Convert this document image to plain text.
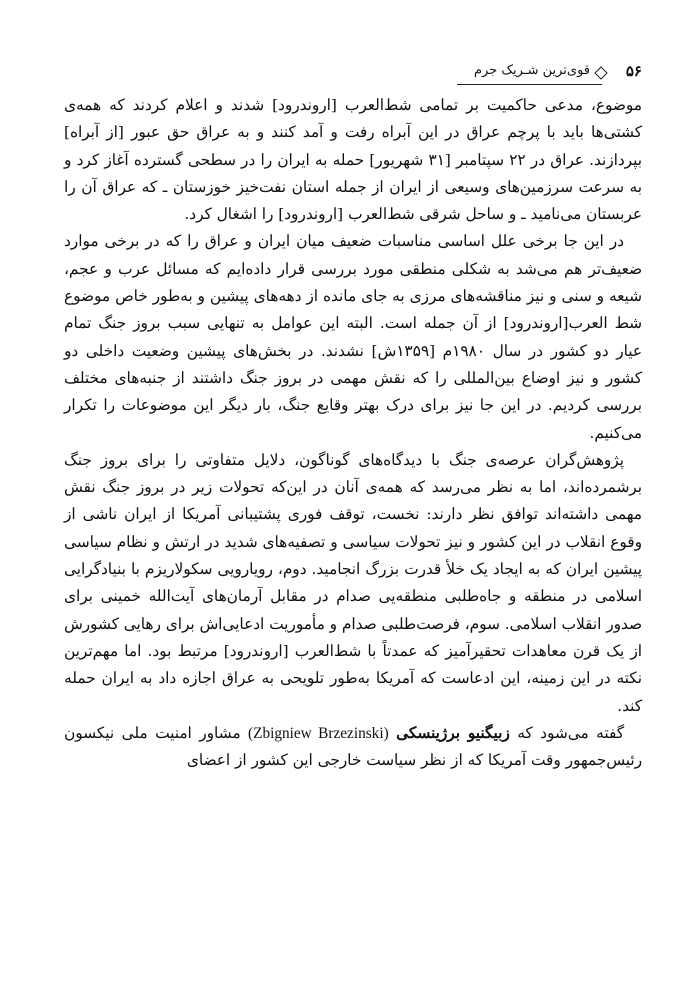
۵۶
قوی‌ترین شـریک جرم

موضوع، مدعی حاکمیت بر تمامی شط‌العرب [اروندرود] شدند و اعلام کردند که همه‌ی کشتی‌ها باید با پرچم عراق در این آبراه رفت و آمد کنند و به عراق حق عبور [از آبراه] بپردازند. عراق در ۲۲ سپتامبر [۳۱ شهریور] حمله به ایران را در سطحی گسترده آغاز کرد و به سرعت سرزمین‌های وسیعی از ایران از جمله استان نفت‌خیز خوزستان ـ که عراق آن را عربستان می‌نامید ـ و ساحل شرقی شط‌العرب [اروندرود] را اشغال کرد.

در این جا برخی علل اساسی مناسبات ضعیف میان ایران و عراق را که در برخی موارد ضعیف‌تر هم می‌شد به شکلی منطقی مورد بررسی قرار داده‌ایم که مسائل عرب و عجم، شیعه و سنی و نیز مناقشه‌های مرزی به جای مانده از دهه‌های پیشین و به‌طور خاص موضوع شط العرب[اروندرود] از آن جمله است. البته این عوامل به تنهایی سبب بروز جنگ تمام عیار دو کشور در سال ۱۹۸۰م [۱۳۵۹ش] نشدند. در بخش‌های پیشین وضعیت داخلی دو کشور و نیز اوضاع بین‌المللی را که نقش مهمی در بروز جنگ داشتند از جنبه‌های مختلف بررسی کردیم. در این جا نیز برای درک بهتر وقایع جنگ، بار دیگر این موضوعات را تکرار می‌کنیم.

پژوهش‌گران عرصه‌ی جنگ با دیدگاه‌های گوناگون، دلایل متفاوتی را برای بروز جنگ برشمرده‌اند، اما به نظر می‌رسد که همه‌ی آنان در این‌که تحولات زیر در بروز جنگ نقش مهمی داشته‌اند توافق نظر دارند: نخست، توقف فوری پشتیبانی آمریکا از ایران ناشی از وقوع انقلاب در این کشور و نیز تحولات سیاسی و تصفیه‌های شدید در ارتش و نظام سیاسی پیشین ایران که به ایجاد یک خلأ قدرت بزرگ انجامید. دوم، رویارویی سکولاریزم با بنیادگرایی اسلامی در منطقه و جاه‌طلبی منطقه‌یی صدام در مقابل آرمان‌های آیت‌الله خمینی برای صدور انقلاب اسلامی. سوم، فرصت‌طلبی صدام و مأموریت ادعایی‌اش برای رهایی کشورش از یک قرن معاهدات تحقیرآمیز که عمدتاً با شط‌العرب [اروندرود] مرتبط بود. اما مهم‌ترین نکته در این زمینه، این ادعاست که آمریکا به‌طور تلویحی به عراق اجازه داد به ایران حمله کند.

گفته می‌شود که زبیگنیو برژینسکی (Zbigniew Brzezinski) مشاور امنیت ملی نیکسون رئیس‌جمهور وقت آمریکا که از نظر سیاست خارجی این کشور از اعضای
